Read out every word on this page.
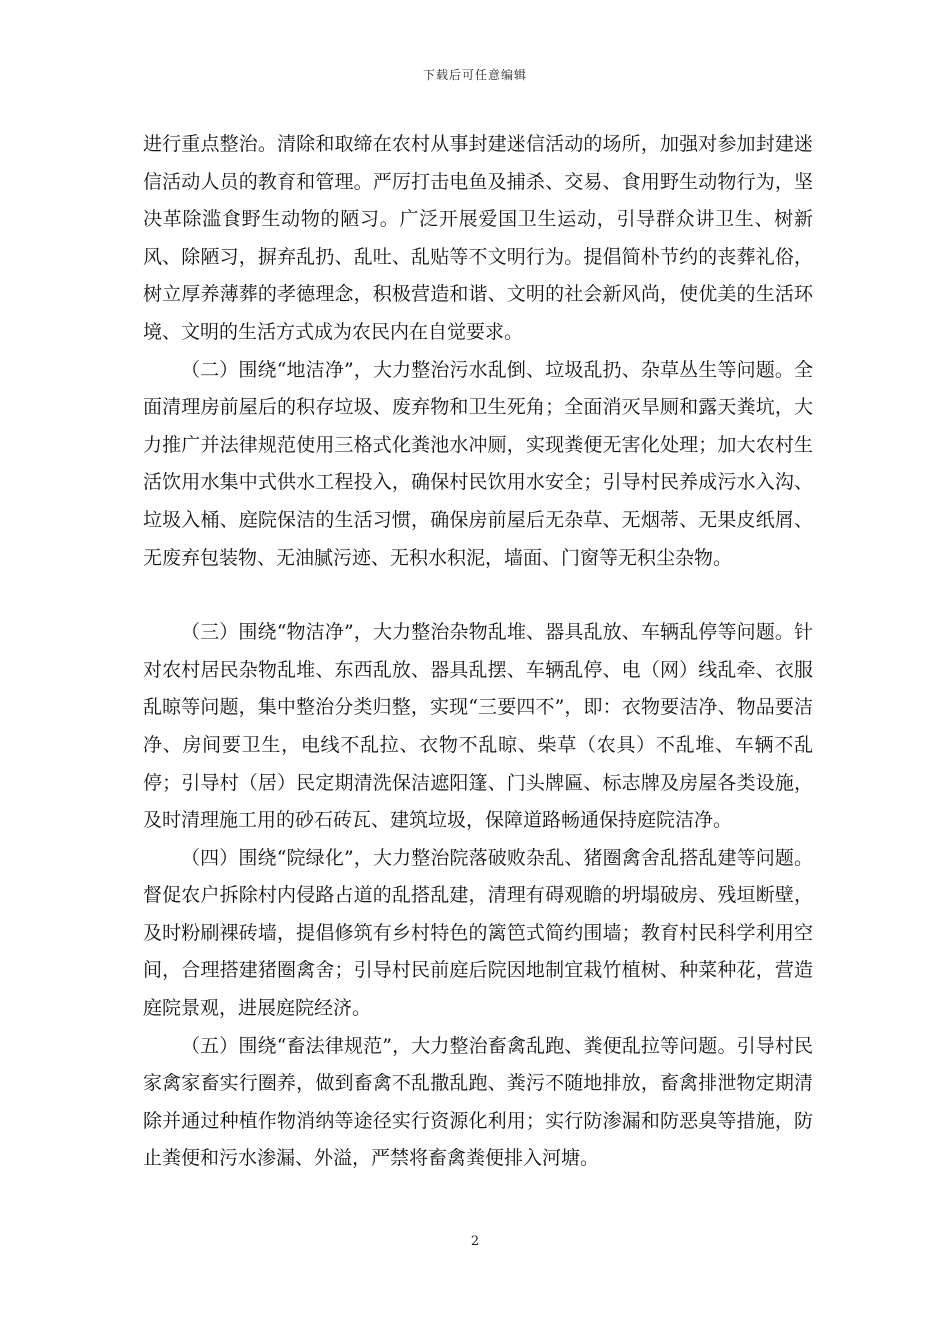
下载后可任意编辑

进行重点整治。清除和取缔在农村从事封建迷信活动的场所，加强对参加封建迷信活动人员的教育和管理。严厉打击电鱼及捕杀、交易、食用野生动物行为，坚决革除滥食野生动物的陋习。广泛开展爱国卫生运动，引导群众讲卫生、树新风、除陋习，摒弃乱扔、乱吐、乱贴等不文明行为。提倡简朴节约的丧葬礼俗，树立厚养薄葬的孝德理念，积极营造和谐、文明的社会新风尚，使优美的生活环境、文明的生活方式成为农民内在自觉要求。

（二）围绕“地洁净”，大力整治污水乱倒、垃圾乱扔、杂草丛生等问题。全面清理房前屋后的积存垃圾、废弃物和卫生死角；全面消灭旱厕和露天粪坑，大力推广并法律规范使用三格式化粪池水冲厕，实现粪便无害化处理；加大农村生活饮用水集中式供水工程投入，确保村民饮用水安全；引导村民养成污水入沟、垃圾入桶、庭院保洁的生活习惯，确保房前屋后无杂草、无烟蒂、无果皮纸屑、无废弃包装物、无油腻污迹、无积水积泥，墙面、门窗等无积尘杂物。

（三）围绕“物洁净”，大力整治杂物乱堆、器具乱放、车辆乱停等问题。针对农村居民杂物乱堆、东西乱放、器具乱摆、车辆乱停、电（网）线乱牵、衣服乱晾等问题，集中整治分类归整，实现“三要四不”，即：衣物要洁净、物品要洁净、房间要卫生，电线不乱拉、衣物不乱晾、柴草（农具）不乱堆、车辆不乱停；引导村（居）民定期清洗保洁遮阳篷、门头牌匾、标志牌及房屋各类设施，及时清理施工用的砂石砖瓦、建筑垃圾，保障道路畅通保持庭院洁净。

（四）围绕“院绿化”，大力整治院落破败杂乱、猪圈禽舍乱搭乱建等问题。督促农户拆除村内侵路占道的乱搭乱建，清理有碍观瞻的坍塌破房、残垣断壁，及时粉刷裸砖墙，提倡修筑有乡村特色的篱笆式简约围墙；教育村民科学利用空间，合理搭建猪圈禽舍；引导村民前庭后院因地制宜栽竹植树、种菜种花，营造庭院景观，进展庭院经济。

（五）围绕“畜法律规范”，大力整治畜禽乱跑、粪便乱拉等问题。引导村民家禽家畜实行圈养，做到畜禽不乱撒乱跑、粪污不随地排放，畜禽排泄物定期清除并通过种植作物消纳等途径实行资源化利用；实行防渗漏和防恶臭等措施，防止粪便和污水渗漏、外溢，严禁将畜禽粪便排入河塘。

2
